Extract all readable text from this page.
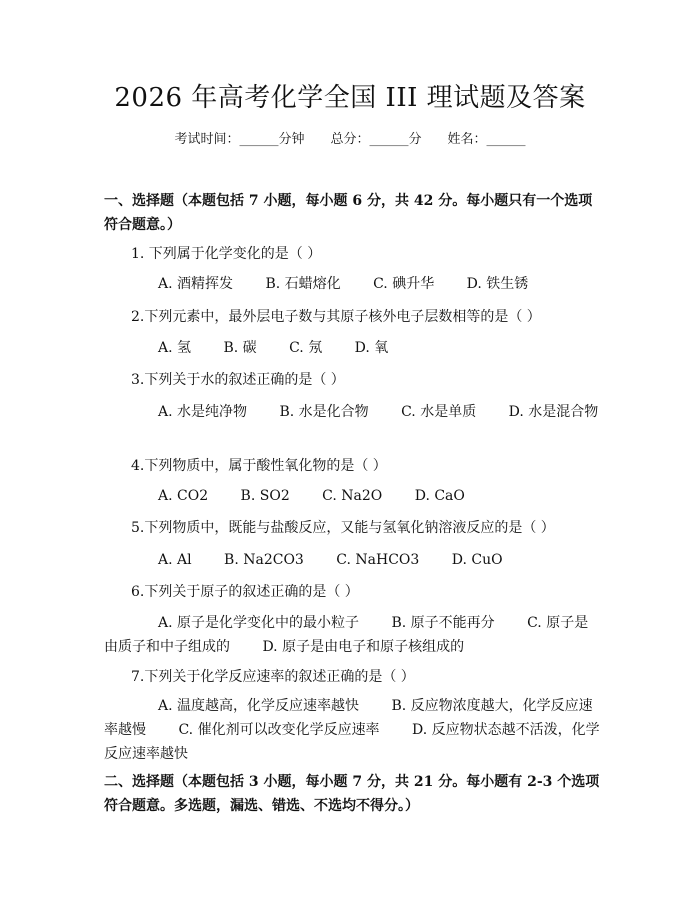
2026 年高考化学全国 III 理试题及答案
考试时间：______分钟　　总分：______分　　姓名：______
一、选择题（本题包括 7 小题，每小题 6 分，共 42 分。每小题只有一个选项符合题意。）
1. 下列属于化学变化的是（ ）
A. 酒精挥发　　 B. 石蜡熔化　　 C. 碘升华　　 D. 铁生锈
2.下列元素中，最外层电子数与其原子核外电子层数相等的是（ ）
A. 氢　　 B. 碳　　 C. 氖　　 D. 氧
3.下列关于水的叙述正确的是（ ）
A. 水是纯净物　　 B. 水是化合物　　 C. 水是单质　　 D. 水是混合物
4.下列物质中，属于酸性氧化物的是（ ）
A. CO2　　 B. SO2　　 C. Na2O　　 D. CaO
5.下列物质中，既能与盐酸反应，又能与氢氧化钠溶液反应的是（ ）
A. Al　　 B. Na2CO3　　 C. NaHCO3　　 D. CuO
6.下列关于原子的叙述正确的是（ ）
A. 原子是化学变化中的最小粒子　　 B. 原子不能再分　　 C. 原子是由质子和中子组成的　　 D. 原子是由电子和原子核组成的
7.下列关于化学反应速率的叙述正确的是（ ）
A. 温度越高，化学反应速率越快　　 B. 反应物浓度越大，化学反应速率越慢　　 C. 催化剂可以改变化学反应速率　　 D. 反应物状态越不活泼，化学反应速率越快
二、选择题（本题包括 3 小题，每小题 7 分，共 21 分。每小题有 2-3 个选项符合题意。多选题，漏选、错选、不选均不得分。）
